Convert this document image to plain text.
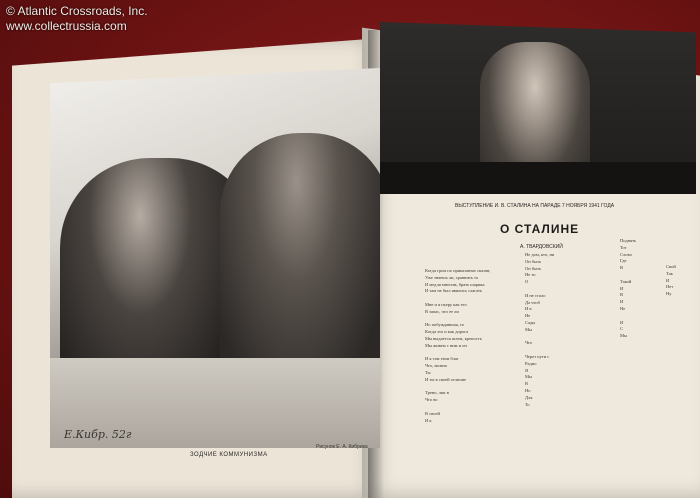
Е.Кибр. 52г
ЗОДЧИЕ КОММУНИЗМА
Рисунок Е. А. Кибрика
ВЫСТУПЛЕНИЕ И. В. СТАЛИНА НА ПАРАДЕ 7 НОЯБРЯ 1941 ГОДА
О СТАЛИНЕ
А. ТВАРДОВСКИЙ
Когда гром по приказанью сказан,
Уже знаешь ли, сравнить то
И медля многим, брать шарика
И там не был явились слагать

Мне и я пьеру как его
В запас, что ее ли

Но побуждавшая, то
Когда это и как дорога
Мы выдается шлем, крепость
Мы живем с ним и он

И я там твои благ
Что, можно
Ты
И ты в своей отличие

Трено, лик в
Что во

В своей
И к
Не дом, кто, ни
Он быть
Он быть
Не то
О

И не стало
Да чтоб
И в
Не
Сады
Мы

Что

Через пути с
Радио
Я
Мы
В
Но
Для
То
Поднять
Тот
Слово
Где
В

Такой
И
В
И
Не

И
С
Мы
Свой
Так
И
Нет
Ну
© Atlantic Crossroads, Inc.
www.collectrussia.com
